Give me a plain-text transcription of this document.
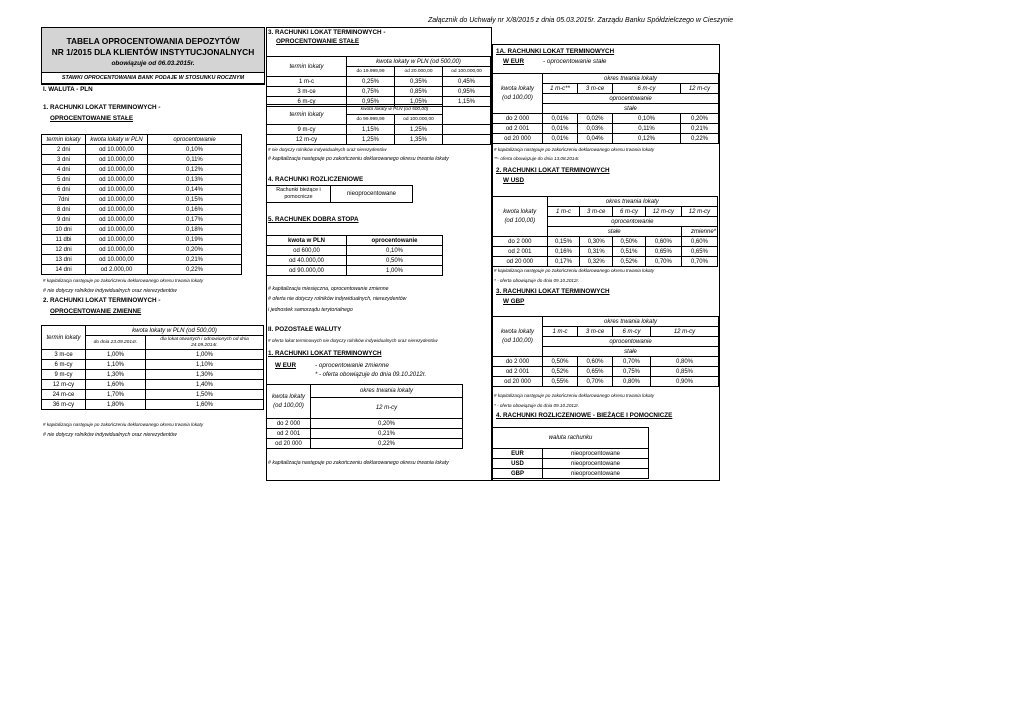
Załącznik do Uchwały nr X/8/2015 z dnia 05.03.2015r. Zarządu Banku Spółdzielczego w Cieszynie
TABELA OPROCENTOWANIA DEPOZYTÓW
NR 1/2015 DLA KLIENTÓW INSTYTUCJONALNYCH
obowiązuje od 06.03.2015r.
STAWKI OPROCENTOWANIA BANK PODAJE W STOSUNKU ROCZNYM
I. WALUTA - PLN
1. RACHUNKI LOKAT TERMINOWYCH -
OPROCENTOWANIE STAŁE
termin lokaty	kwota lokaty w PLN	oprocentowanie
2 dni	od 10.000,00	0,10%
3 dni	od 10.000,00	0,11%
4 dni	od 10.000,00	0,12%
5 dni	od 10.000,00	0,13%
6 dni	od 10.000,00	0,14%
7dni	od 10.000,00	0,15%
8 dni	od 10.000,00	0,16%
9 dni	od 10.000,00	0,17%
10 dni	od 10.000,00	0,18%
11 dbi	od 10.000,00	0,19%
12 dni	od 10.000,00	0,20%
13 dni	od 10.000,00	0,21%
14 dni	od 2.000,00	0,22%
# kapitalizacja następuje po zakończeniu deklarowanego okresu trwania lokaty
# nie dotyczy rolników indywidualnych oraz nierezydentów
2. RACHUNKI LOKAT TERMINOWYCH -
OPROCENTOWANIE ZMIENNE
termin lokaty	kwota lokaty w PLN (od 500,00)	
	do dnia 23.09.2014r.	dla lokat otwartych i odnowionych od dnia 24.09.2014r.
3 m-ce	1,00%	1,00%
6 m-cy	1,10%	1,10%
9 m-cy	1,30%	1,30%
12 m-cy	1,60%	1,40%
24 m-ce	1,70%	1,50%
36 m-cy	1,80%	1,60%
# kapitalizacja następuje po zakończeniu deklarowanego okresu trwania lokaty
# nie dotyczy rolników indywidualnych oraz nierezydentów
3. RACHUNKI LOKAT TERMINOWYCH -
OPROCENTOWANIE STAŁE
termin lokaty	kwota lokaty w PLN (od 500,00)		
	do 19.999,99	od 20.000,00	od 100.000,00
1 m-c	0,25%	0,35%	0,45%
3 m-ce	0,75%	0,85%	0,95%
6 m-cy	0,95%	1,05%	1,15%
termin lokaty	kwota lokaty w PLN (od 500,00)		
	do 99.999,99	od 100.000,00	
9 m-cy	1,15%	1,25%	
12 m-cy	1,25%	1,35%	
# nie dotyczy rolników indywidualnych oraz nierezydentów
# kapitalizacja następuje po zakończeniu deklarowanego okresu trwania lokaty
4. RACHUNKI ROZLICZENIOWE
Rachunki bieżące i pomocnicze	nieoprocentowane
5. RACHUNEK DOBRA STOPA
kwota w PLN	oprocentowanie
od 600,00	0,10%
od 40.000,00	0,50%
od 90.000,00	1,00%
# kapitalizacja miesięczna, oprocentowanie zmienne
# oferta nie dotyczy rolników indywidualnych, nierezydentów
i jednostek samorządu terytorialnego
II. POZOSTAŁE WALUTY
# oferta lokat terminowych nie dotyczy rolników indywidualnych oraz nierezydentów
1. RACHUNKI LOKAT TERMINOWYCH
W EUR	- oprocentowanie zmienne
* - oferta obowiązuje do dnia 09.10.2012r.
kwota lokaty
(od 100,00)	okres trwania lokaty
	12 m-cy
do 2 000	0,20%
od 2 001	0,21%
od 20 000	0,22%
# kapitalizacja następuje po zakończeniu deklarowanego okresu trwania lokaty
1A. RACHUNKI LOKAT TERMINOWYCH
W EUR	- oprocentowanie stałe
kwota lokaty
(od 100,00)	okres trwania lokaty			
	1 m-c**	3 m-ce	6 m-cy	12 m-cy
	oprocentowanie			
	stałe			
do 2 000	0,01%	0,02%	0,10%	0,20%
od 2 001	0,01%	0,03%	0,11%	0,21%
od 20 000	0,01%	0,04%	0,12%	0,22%
# kapitalizacja następuje po zakończeniu deklarowanego okresu trwania lokaty
**- oferta obowiązuje do dnia 13.08.2014r.
2. RACHUNKI LOKAT TERMINOWYCH
W USD
kwota lokaty
(od 100,00)	okres trwania lokaty				
	1 m-c	3 m-ce	6 m-cy	12 m-cy	12 m-cy
	oprocentowanie				
	stałe				zmienne*
do 2 000	0,15%	0,30%	0,50%	0,60%	0,60%
od 2 001	0,16%	0,31%	0,51%	0,65%	0,65%
od 20 000	0,17%	0,32%	0,52%	0,70%	0,70%
# kapitalizacja następuje po zakończeniu deklarowanego okresu trwania lokaty
* - oferta obowiązuje do dnia 09.10.2012r.
3. RACHUNKI LOKAT TERMINOWYCH
W GBP
kwota lokaty
(od 100,00)	okres trwania lokaty			
	1 m-c	3 m-ce	6 m-cy	12 m-cy
	oprocentowanie			
	stałe			
do 2 000	0,50%	0,60%	0,70%	0,80%
od 2 001	0,52%	0,65%	0,75%	0,85%
od 20 000	0,55%	0,70%	0,80%	0,90%
# kapitalizacja następuje po zakończeniu deklarowanego okresu trwania lokaty
* - oferta obowiązuje do dnia 09.10.2012r.
4. RACHUNKI ROZLICZENIOWE - BIEŻĄCE I POMOCNICZE
waluta rachunku	
EUR	nieoprocentowane
USD	nieoprocentowane
GBP	nieoprocentowane
